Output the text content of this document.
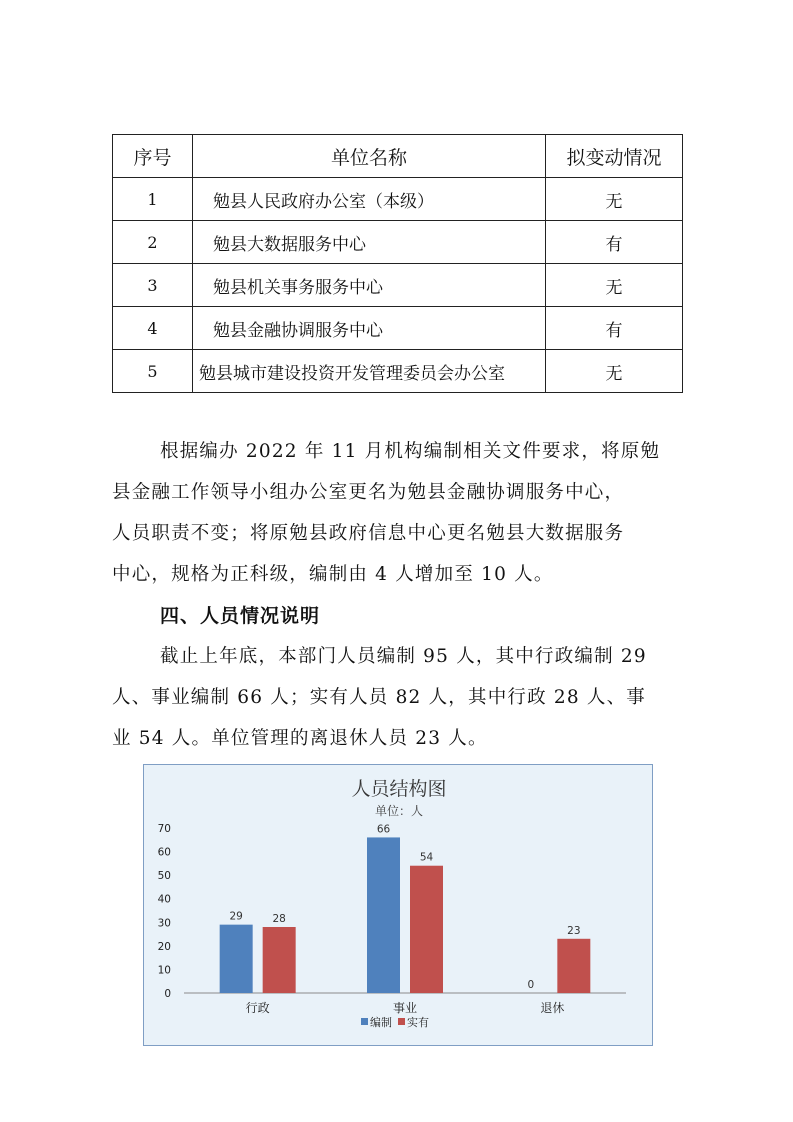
序号	单位名称	拟变动情况
1	勉县人民政府办公室（本级）	无
2	勉县大数据服务中心	有
3	勉县机关事务服务中心	无
4	勉县金融协调服务中心	有
5	勉县城市建设投资开发管理委员会办公室	无

根据编办 2022 年 11 月机构编制相关文件要求，将原勉
县金融工作领导小组办公室更名为勉县金融协调服务中心，
人员职责不变；将原勉县政府信息中心更名勉县大数据服务
中心，规格为正科级，编制由 4 人增加至 10 人。

四、人员情况说明

截止上年底，本部门人员编制 95 人，其中行政编制 29
人、事业编制 66 人；实有人员 82 人，其中行政 28 人、事
业 54 人。单位管理的离退休人员 23 人。

人员结构图
单位：人
0
10
20
30
40
50
60
70
29	28
行政
66
54
事业
0
23
退休
编制 实有
